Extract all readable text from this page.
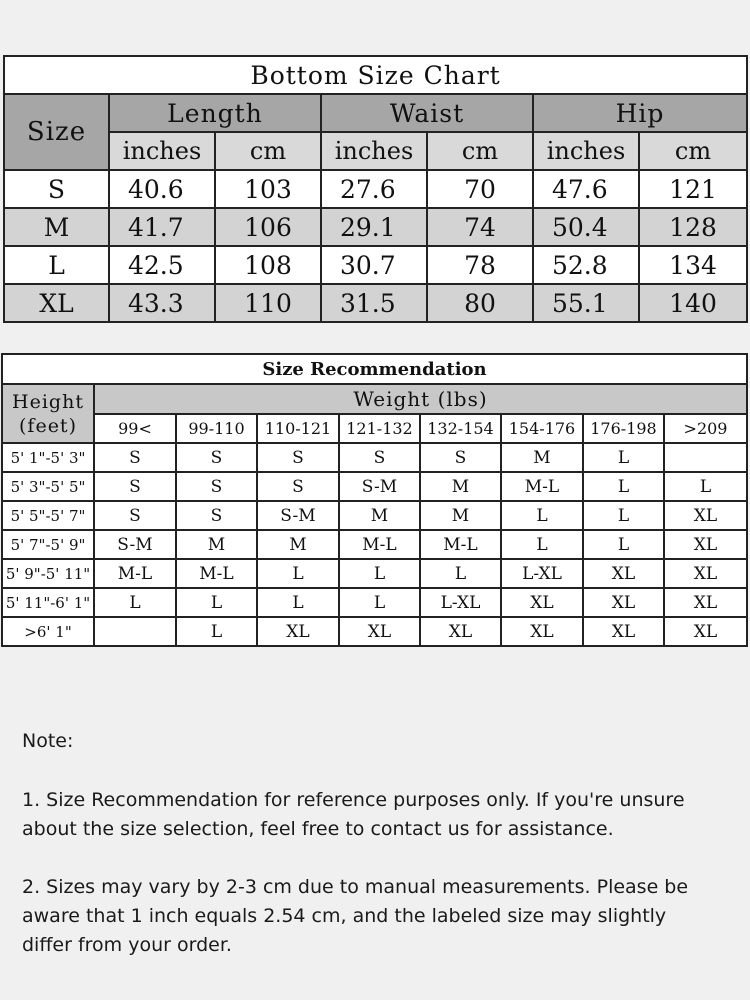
Bottom Size Chart						
Size	Length		Waist		Hip	
	inches	cm	inches	cm	inches	cm
S	40.6	103	27.6	70	47.6	121
M	41.7	106	29.1	74	50.4	128
L	42.5	108	30.7	78	52.8	134
XL	43.3	110	31.5	80	55.1	140
Size Recommendation								
Height
(feet)	Weight (lbs)							
	99<	99-110	110-121	121-132	132-154	154-176	176-198	>209
5' 1"-5' 3"	S	S	S	S	S	M	L	
5' 3"-5' 5"	S	S	S	S-M	M	M-L	L	L
5' 5"-5' 7"	S	S	S-M	M	M	L	L	XL
5' 7"-5' 9"	S-M	M	M	M-L	M-L	L	L	XL
5' 9"-5' 11"	M-L	M-L	L	L	L	L-XL	XL	XL
5' 11"-6' 1"	L	L	L	L	L-XL	XL	XL	XL
>6' 1"		L	XL	XL	XL	XL	XL	XL
Note:
1. Size Recommendation for reference purposes only. If you're unsure about the size selection, feel free to contact us for assistance.
2. Sizes may vary by 2-3 cm due to manual measurements. Please be aware that 1 inch equals 2.54 cm, and the labeled size may slightly differ from your order.
